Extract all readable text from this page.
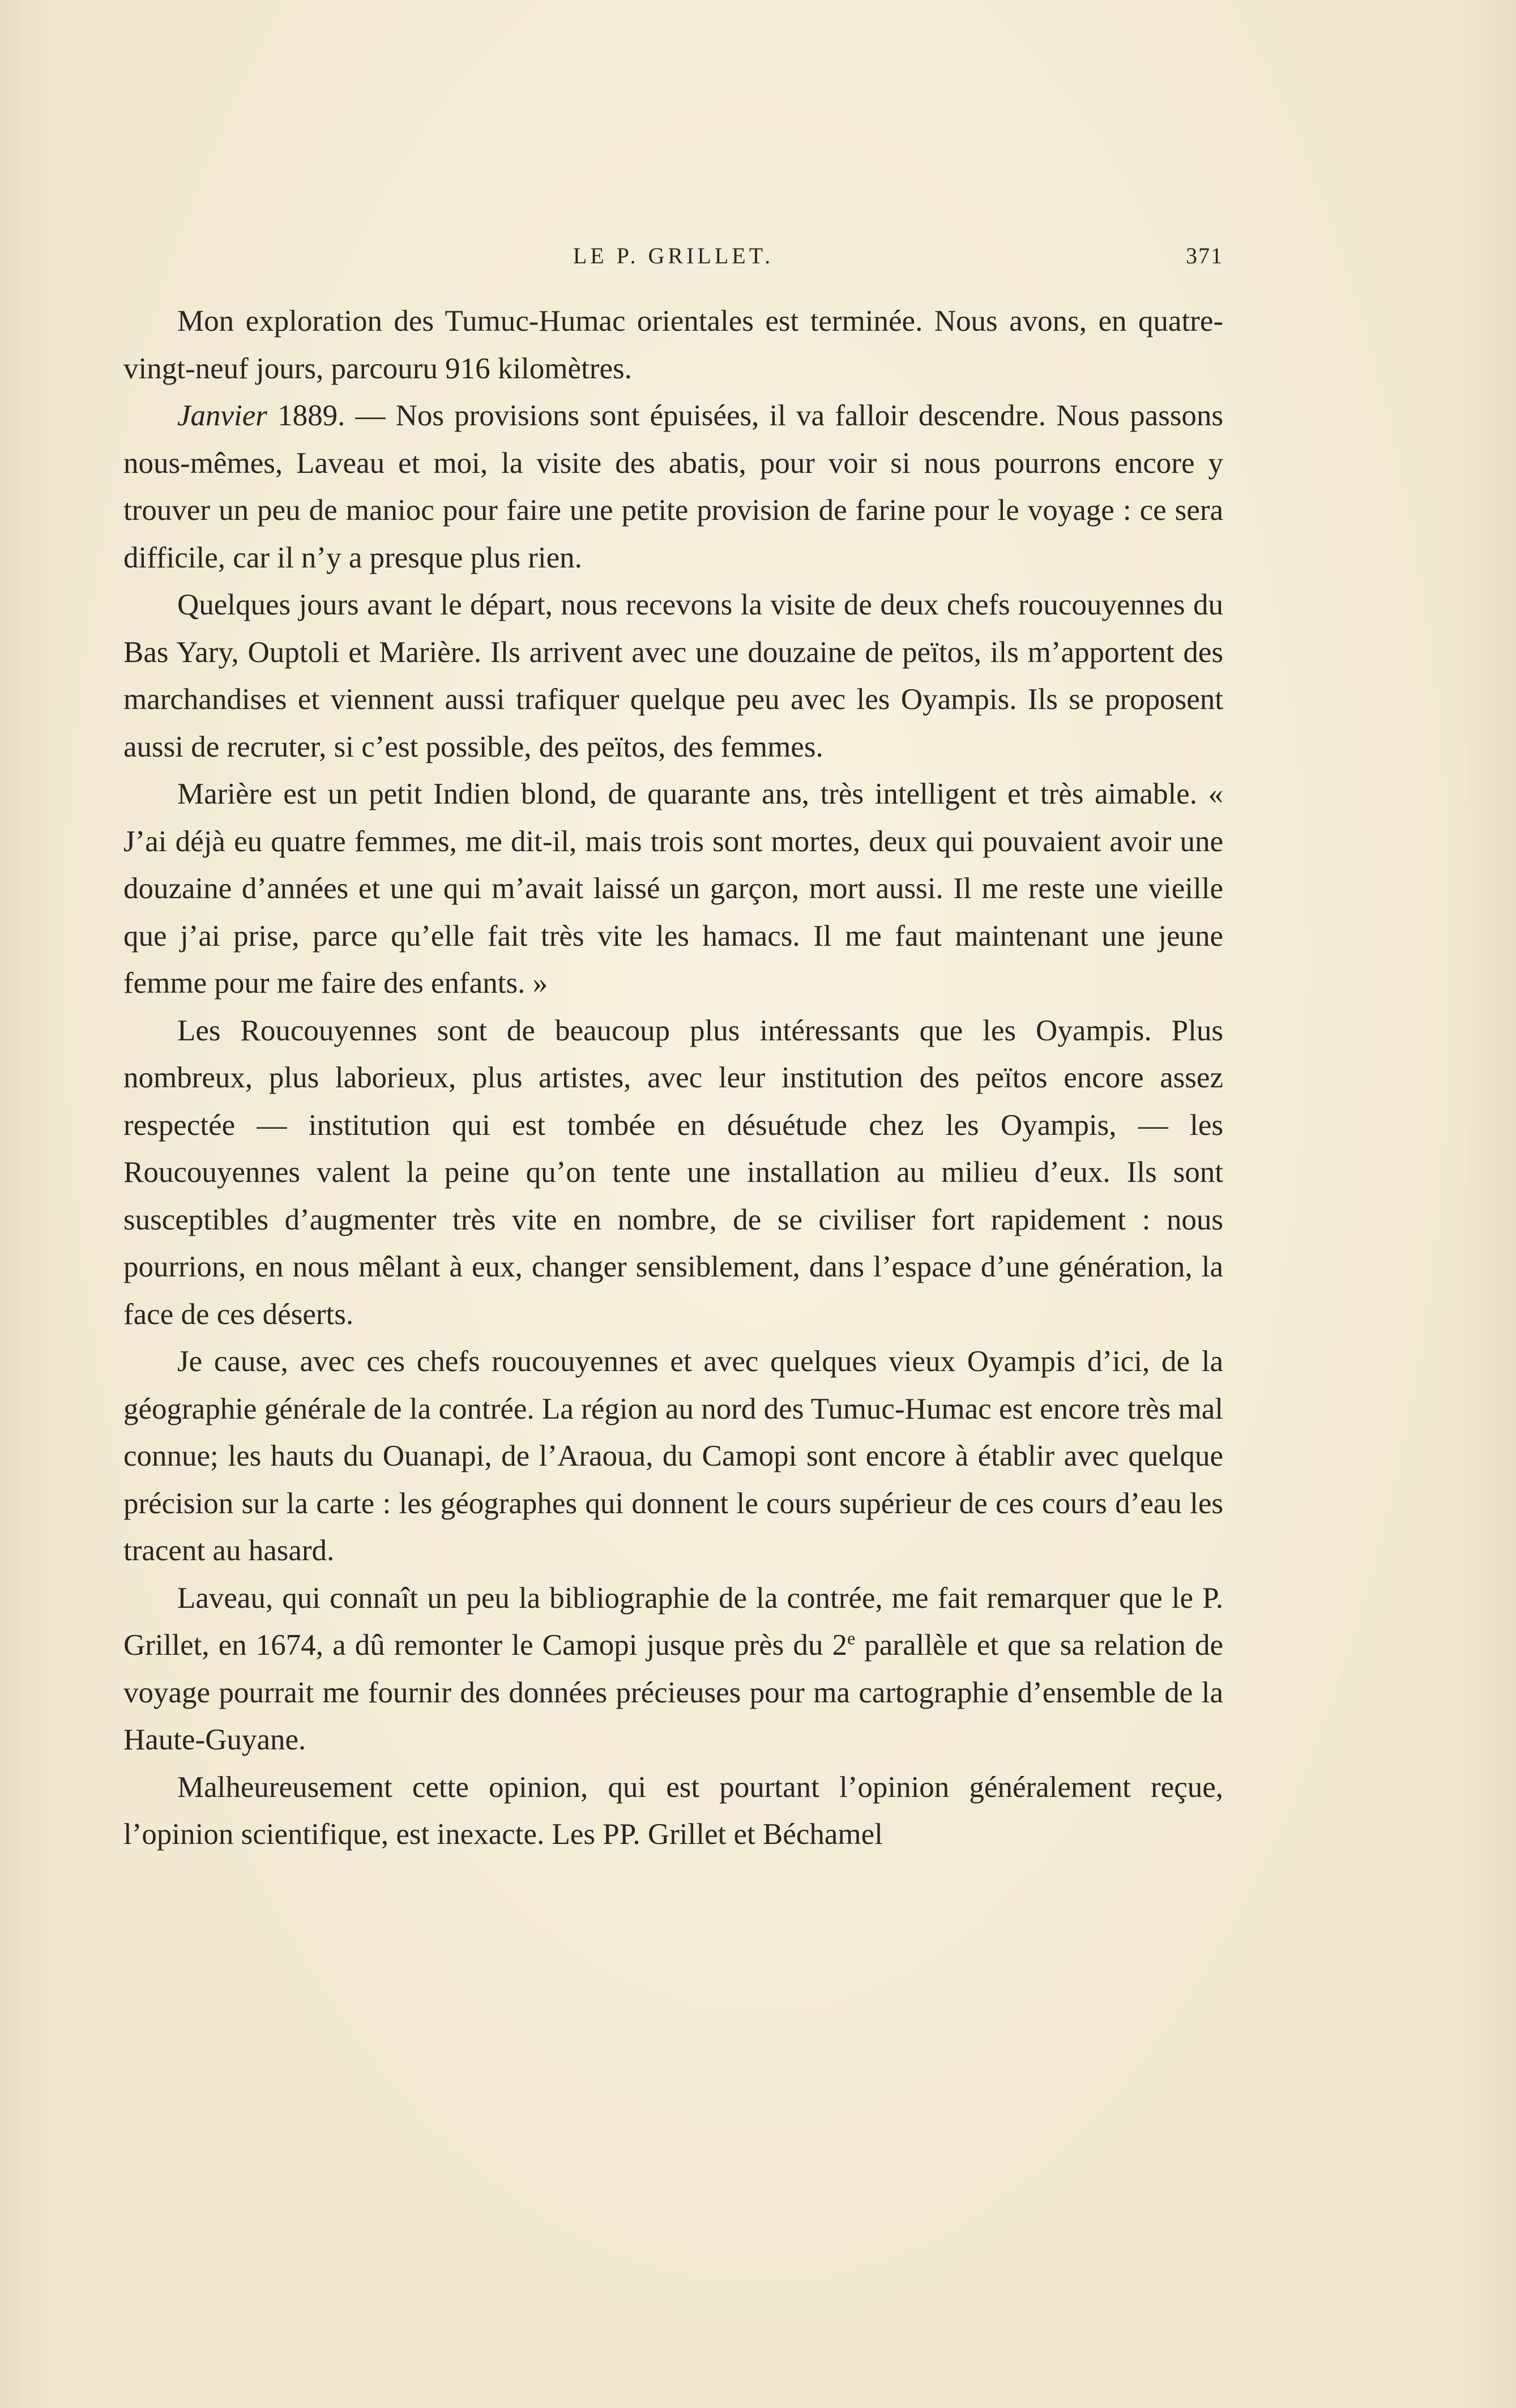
LE P. GRILLET.	371

Mon exploration des Tumuc-Humac orientales est terminée. Nous avons, en quatre-vingt-neuf jours, parcouru 916 kilomètres.

Janvier 1889. — Nos provisions sont épuisées, il va falloir descendre. Nous passons nous-mêmes, Laveau et moi, la visite des abatis, pour voir si nous pourrons encore y trouver un peu de manioc pour faire une petite provision de farine pour le voyage : ce sera difficile, car il n’y a presque plus rien.

Quelques jours avant le départ, nous recevons la visite de deux chefs roucouyennes du Bas Yary, Ouptoli et Marière. Ils arrivent avec une douzaine de peïtos, ils m’apportent des marchandises et viennent aussi trafiquer quelque peu avec les Oyampis. Ils se proposent aussi de recruter, si c’est possible, des peïtos, des femmes.

Marière est un petit Indien blond, de quarante ans, très intelligent et très aimable. « J’ai déjà eu quatre femmes, me dit-il, mais trois sont mortes, deux qui pouvaient avoir une douzaine d’années et une qui m’avait laissé un garçon, mort aussi. Il me reste une vieille que j’ai prise, parce qu’elle fait très vite les hamacs. Il me faut maintenant une jeune femme pour me faire des enfants. »

Les Roucouyennes sont de beaucoup plus intéressants que les Oyampis. Plus nombreux, plus laborieux, plus artistes, avec leur institution des peïtos encore assez respectée — institution qui est tombée en désuétude chez les Oyampis, — les Roucouyennes valent la peine qu’on tente une installation au milieu d’eux. Ils sont susceptibles d’augmenter très vite en nombre, de se civiliser fort rapidement : nous pourrions, en nous mêlant à eux, changer sensiblement, dans l’espace d’une génération, la face de ces déserts.

Je cause, avec ces chefs roucouyennes et avec quelques vieux Oyampis d’ici, de la géographie générale de la contrée. La région au nord des Tumuc-Humac est encore très mal connue; les hauts du Ouanapi, de l’Araoua, du Camopi sont encore à établir avec quelque précision sur la carte : les géographes qui donnent le cours supérieur de ces cours d’eau les tracent au hasard.

Laveau, qui connaît un peu la bibliographie de la contrée, me fait remarquer que le P. Grillet, en 1674, a dû remonter le Camopi jusque près du 2e parallèle et que sa relation de voyage pourrait me fournir des données précieuses pour ma cartographie d’ensemble de la Haute-Guyane.

Malheureusement cette opinion, qui est pourtant l’opinion généralement reçue, l’opinion scientifique, est inexacte. Les PP. Grillet et Béchamel
